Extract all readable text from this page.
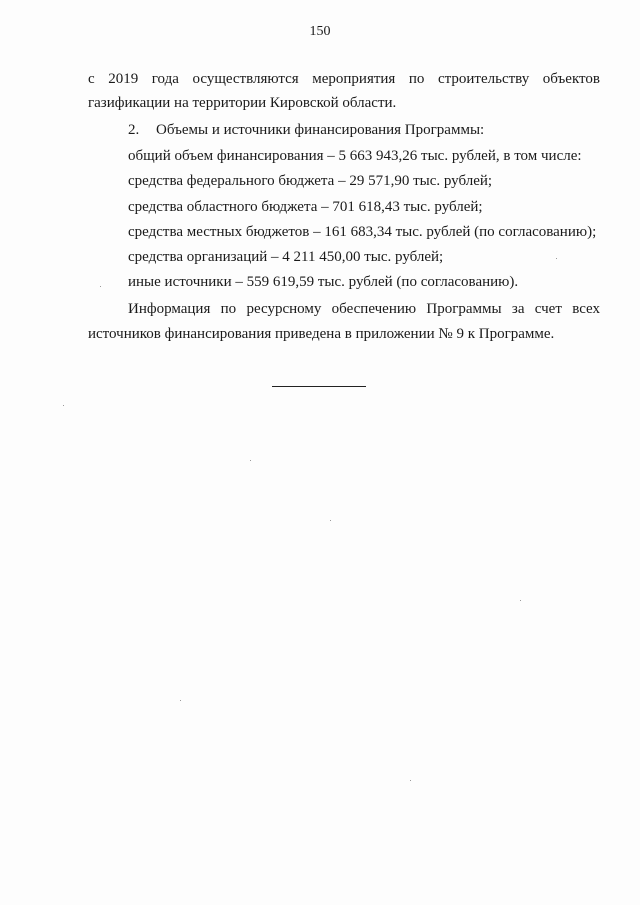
150
с 2019 года осуществляются мероприятия по строительству объектов
газификации на территории Кировской области.
2. Объемы и источники финансирования Программы:
общий объем финансирования – 5 663 943,26 тыс. рублей, в том числе:
средства федерального бюджета – 29 571,90 тыс. рублей;
средства областного бюджета – 701 618,43 тыс. рублей;
средства местных бюджетов – 161 683,34 тыс. рублей (по согласованию);
средства организаций – 4 211 450,00 тыс. рублей;
иные источники – 559 619,59 тыс. рублей (по согласованию).
Информация по ресурсному обеспечению Программы за счет всех
источников финансирования приведена в приложении № 9 к Программе.
